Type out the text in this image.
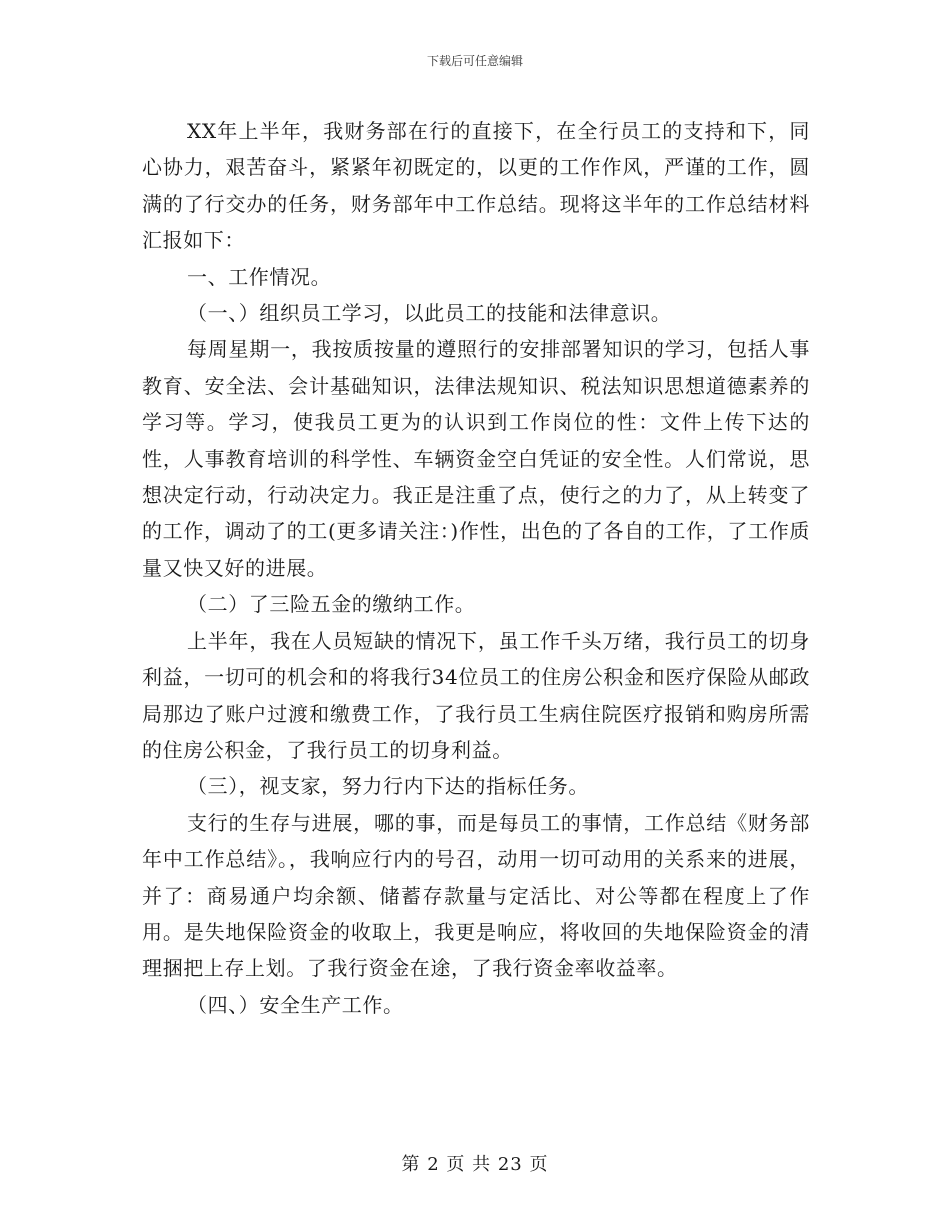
下载后可任意编辑

XX年上半年，我财务部在行的直接下，在全行员工的支持和下，同心协力，艰苦奋斗，紧紧年初既定的，以更的工作作风，严谨的工作，圆满的了行交办的任务，财务部年中工作总结。现将这半年的工作总结材料汇报如下：

一、工作情况。

（一、）组织员工学习，以此员工的技能和法律意识。

每周星期一，我按质按量的遵照行的安排部署知识的学习，包括人事教育、安全法、会计基础知识，法律法规知识、税法知识思想道德素养的学习等。学习，使我员工更为的认识到工作岗位的性：文件上传下达的性，人事教育培训的科学性、车辆资金空白凭证的安全性。人们常说，思想决定行动，行动决定力。我正是注重了点，使行之的力了，从上转变了的工作，调动了的工(更多请关注：)作性，出色的了各自的工作，了工作质量又快又好的进展。

（二）了三险五金的缴纳工作。

上半年，我在人员短缺的情况下，虽工作千头万绪，我行员工的切身利益，一切可的机会和的将我行34位员工的住房公积金和医疗保险从邮政局那边了账户过渡和缴费工作，了我行员工生病住院医疗报销和购房所需的住房公积金，了我行员工的切身利益。

（三），视支家，努力行内下达的指标任务。

支行的生存与进展，哪的事，而是每员工的事情，工作总结《财务部年中工作总结》。，我响应行内的号召，动用一切可动用的关系来的进展，并了：商易通户均余额、储蓄存款量与定活比、对公等都在程度上了作用。是失地保险资金的收取上，我更是响应，将收回的失地保险资金的清理捆把上存上划。了我行资金在途，了我行资金率收益率。

（四、）安全生产工作。

第 2 页 共 23 页
